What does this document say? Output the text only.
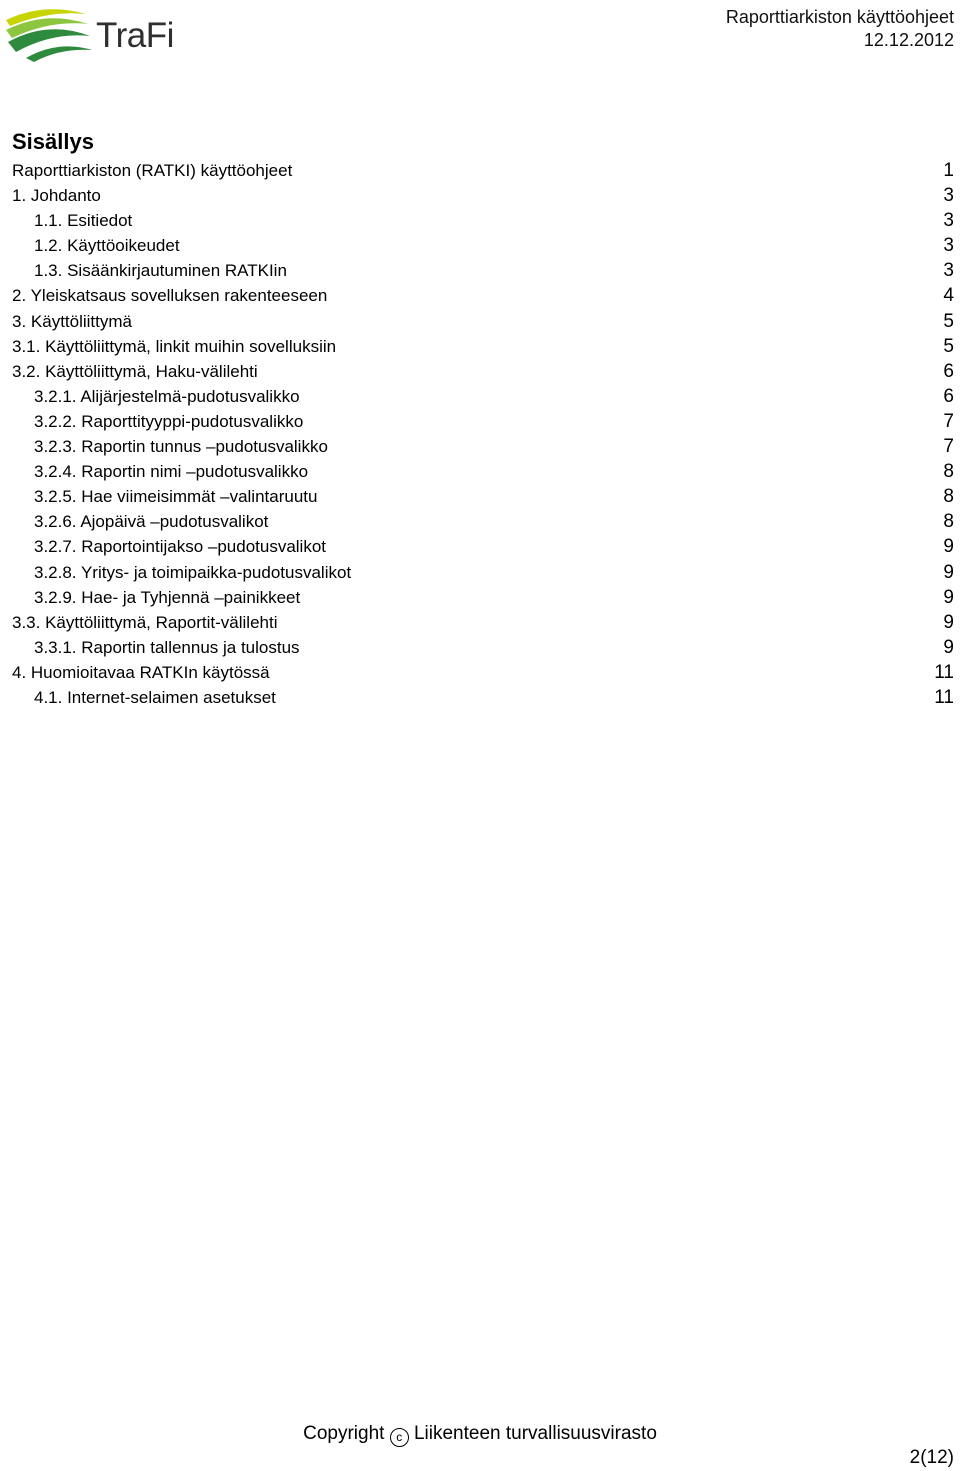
TraFi	Raporttiarkiston käyttöohjeet
12.12.2012
Sisällys
Raporttiarkiston (RATKI) käyttöohjeet	1
1. Johdanto	3
1.1. Esitiedot	3
1.2. Käyttöoikeudet	3
1.3. Sisäänkirjautuminen RATKIin	3
2. Yleiskatsaus sovelluksen rakenteeseen	4
3. Käyttöliittymä	5
3.1. Käyttöliittymä, linkit muihin sovelluksiin	5
3.2. Käyttöliittymä, Haku-välilehti	6
3.2.1. Alijärjestelmä-pudotusvalikko	6
3.2.2. Raporttityyppi-pudotusvalikko	7
3.2.3. Raportin tunnus –pudotusvalikko	7
3.2.4. Raportin nimi –pudotusvalikko	8
3.2.5. Hae viimeisimmät –valintaruutu	8
3.2.6. Ajopäivä –pudotusvalikot	8
3.2.7. Raportointijakso –pudotusvalikot	9
3.2.8. Yritys- ja toimipaikka-pudotusvalikot	9
3.2.9. Hae- ja Tyhjennä –painikkeet	9
3.3. Käyttöliittymä, Raportit-välilehti	9
3.3.1. Raportin tallennus ja tulostus	9
4. Huomioitavaa RATKIn käytössä	11
4.1. Internet-selaimen asetukset	11
Copyright c Liikenteen turvallisuusvirasto
2(12)
